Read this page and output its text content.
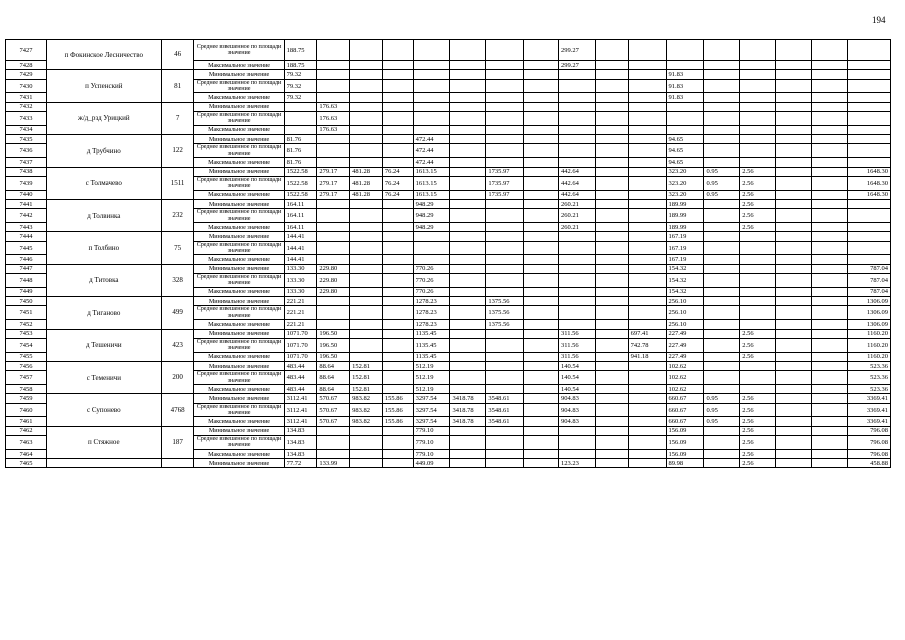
194
7427	п Фокинское Лесничество	46	Среднее взвешенное по площади значение	188.75								299.27								
7428			Максимальное значение	188.75								299.27								
7429	п Успенский	81	Минимальное значение	79.32											91.83					
7430			Среднее взвешенное по площади значение	79.32											91.83					
7431			Максимальное значение	79.32											91.83					
7432	ж/д_рзд Урицкий	7	Минимальное значение		176.63															
7433			Среднее взвешенное по площади значение		176.63															
7434			Максимальное значение		176.63															
7435	д Трубчино	122	Минимальное значение	81.76				472.44							94.65					
7436			Среднее взвешенное по площади значение	81.76				472.44							94.65					
7437			Максимальное значение	81.76				472.44							94.65					
7438	с Толмачево	1511	Минимальное значение	1522.58	279.17	481.28	76.24	1613.15		1735.97		442.64			323.20	0.95	2.56			1648.30
7439			Среднее взвешенное по площади значение	1522.58	279.17	481.28	76.24	1613.15		1735.97		442.64			323.20	0.95	2.56			1648.30
7440			Максимальное значение	1522.58	279.17	481.28	76.24	1613.15		1735.97		442.64			323.20	0.95	2.56			1648.30
7441	д Толвинка	232	Минимальное значение	164.11				948.29				260.21			189.99		2.56			
7442			Среднее взвешенное по площади значение	164.11				948.29				260.21			189.99		2.56			
7443			Максимальное значение	164.11				948.29				260.21			189.99		2.56			
7444	п Толбино	75	Минимальное значение	144.41											167.19					
7445			Среднее взвешенное по площади значение	144.41											167.19					
7446			Максимальное значение	144.41											167.19					
7447	д Титовка	328	Минимальное значение	133.30	229.80			770.26							154.32					787.04
7448			Среднее взвешенное по площади значение	133.30	229.80			770.26							154.32					787.04
7449			Максимальное значение	133.30	229.80			770.26							154.32					787.04
7450	д Тиганово	499	Минимальное значение	221.21				1278.23		1375.56					256.10					1306.09
7451			Среднее взвешенное по площади значение	221.21				1278.23		1375.56					256.10					1306.09
7452			Максимальное значение	221.21				1278.23		1375.56					256.10					1306.09
7453	д Тешеничи	423	Минимальное значение	1071.70	196.50			1135.45				311.56		697.41	227.49		2.56			1160.20
7454			Среднее взвешенное по площади значение	1071.70	196.50			1135.45				311.56		742.78	227.49		2.56			1160.20
7455			Максимальное значение	1071.70	196.50			1135.45				311.56		941.18	227.49		2.56			1160.20
7456	с Теменичи	200	Минимальное значение	483.44	88.64	152.81		512.19				140.54			102.62					523.36
7457			Среднее взвешенное по площади значение	483.44	88.64	152.81		512.19				140.54			102.62					523.36
7458			Максимальное значение	483.44	88.64	152.81		512.19				140.54			102.62					523.36
7459	с Супонево	4768	Минимальное значение	3112.41	570.67	983.82	155.86	3297.54	3418.78	3548.61		904.83			660.67	0.95	2.56			3369.41
7460			Среднее взвешенное по площади значение	3112.41	570.67	983.82	155.86	3297.54	3418.78	3548.61		904.83			660.67	0.95	2.56			3369.41
7461			Максимальное значение	3112.41	570.67	983.82	155.86	3297.54	3418.78	3548.61		904.83			660.67	0.95	2.56			3369.41
7462	п Стяжное	187	Минимальное значение	134.83				779.10							156.09		2.56			796.08
7463			Среднее взвешенное по площади значение	134.83				779.10							156.09		2.56			796.08
7464			Максимальное значение	134.83				779.10							156.09		2.56			796.08
7465			Минимальное значение	77.72	133.99			449.09				123.23			89.98		2.56			458.88
